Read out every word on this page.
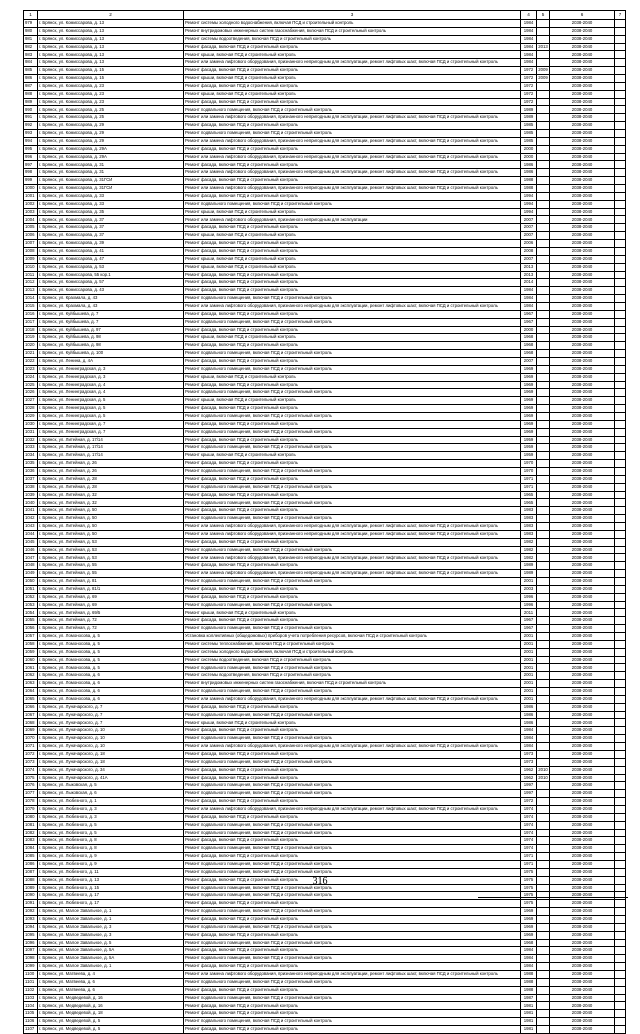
1	2	3	4	5	6	7
979	г. Брянск, ул. Комиссарова, д. 13	Ремонт системы холодного водоснабжения, включая ПСД и строительный контроль	1984		2038-2040	
980	г. Брянск, ул. Комиссарова, д. 13	Ремонт внутридомовых инженерных систем газоснабжения, включая ПСД и строительный контроль	1984		2038-2040	
981	г. Брянск, ул. Комиссарова, д. 13	Ремонт системы водоотведения, включая ПСД и строительный контроль	1984		2038-2040	
982	г. Брянск, ул. Комиссарова, д. 13	Ремонт фасада, включая ПСД и строительный контроль	1984	2013	2038-2040	
983	г. Брянск, ул. Комиссарова, д. 13	Ремонт крыши, включая ПСД и строительный контроль	1984		2038-2040	
984	г. Брянск, ул. Комиссарова, д. 13	Ремонт или замена лифтового оборудования, признанного непригодным для эксплуатации, ремонт лифтовых шахт, включая ПСД и строительный контроль	1984		2038-2040	
985	г. Брянск, ул. Комиссарова, д. 15	Ремонт фасада, включая ПСД и строительный контроль	1972	2009	2038-2040	
986	г. Брянск, ул. Комиссарова, д. 15	Ремонт крыши, включая ПСД и строительный контроль	1972	2009	2038-2040	
987	г. Брянск, ул. Комиссарова, д. 23	Ремонт фасада, включая ПСД и строительный контроль	1972		2038-2040	
988	г. Брянск, ул. Комиссарова, д. 23	Ремонт крыши, включая ПСД и строительный контроль	1972		2038-2040	
989	г. Брянск, ул. Комиссарова, д. 23	Ремонт фасада, включая ПСД и строительный контроль	1972		2038-2040	
990	г. Брянск, ул. Комиссарова, д. 25	Ремонт подвального помещения, включая ПСД и строительный контроль	1989		2038-2040	
991	г. Брянск, ул. Комиссарова, д. 25	Ремонт или замена лифтового оборудования, признанного непригодным для эксплуатации, ремонт лифтовых шахт, включая ПСД и строительный контроль	1989		2038-2040	
992	г. Брянск, ул. Комиссарова, д. 29	Ремонт фасада, включая ПСД и строительный контроль	1985		2038-2040	
993	г. Брянск, ул. Комиссарова, д. 29	Ремонт подвального помещения, включая ПСД и строительный контроль	1985		2038-2040	
994	г. Брянск, ул. Комиссарова, д. 29	Ремонт или замена лифтового оборудования, признанного непригодным для эксплуатации, ремонт лифтовых шахт, включая ПСД и строительный контроль	1985		2038-2040	
995	г. Брянск, ул. Комиссарова, д. 29А	Ремонт фасада, включая ПСД и строительный контроль	2000		2038-2040	
996	г. Брянск, ул. Комиссарова, д. 29А	Ремонт или замена лифтового оборудования, признанного непригодным для эксплуатации, ремонт лифтовых шахт, включая ПСД и строительный контроль	2000		2038-2040	
997	г. Брянск, ул. Комиссарова, д. 31	Ремонт фасада, включая ПСД и строительный контроль	1986		2038-2040	
998	г. Брянск, ул. Комиссарова, д. 31	Ремонт или замена лифтового оборудования, признанного непригодным для эксплуатации, ремонт лифтовых шахт, включая ПСД и строительный контроль	1986		2038-2040	
999	г. Брянск, ул. Комиссарова, д. 31ГСИ	Ремонт фасада, включая ПСД и строительный контроль	1988		2038-2040	
1000	г. Брянск, ул. Комиссарова, д. 31ГСИ	Ремонт или замена лифтового оборудования, признанного непригодным для эксплуатации, ремонт лифтовых шахт, включая ПСД и строительный контроль	1988		2038-2040	
1001	г. Брянск, ул. Комиссарова, д. 33	Ремонт фасада, включая ПСД и строительный контроль	1994		2038-2040	
1002	г. Брянск, ул. Комиссарова, д. 33	Ремонт подвального помещения, включая ПСД и строительный контроль	1994		2038-2040	
1003	г. Брянск, ул. Комиссарова, д. 35	Ремонт крыши, включая ПСД и строительный контроль	1994		2038-2040	
1004	г. Брянск, ул. Комиссарова, д. 37	Ремонт или замена лифтового оборудования, признанного непригодным для эксплуатации	2007		2038-2040	
1005	г. Брянск, ул. Комиссарова, д. 37	Ремонт фасада, включая ПСД и строительный контроль	2007		2038-2040	
1006	г. Брянск, ул. Комиссарова, д. 37	Ремонт крыши, включая ПСД и строительный контроль	2007		2038-2040	
1007	г. Брянск, ул. Комиссарова, д. 39	Ремонт фасада, включая ПСД и строительный контроль	2006		2038-2040	
1008	г. Брянск, ул. Комиссарова, д. 41	Ремонт фасада, включая ПСД и строительный контроль	2008		2038-2040	
1009	г. Брянск, ул. Комиссарова, д. 47	Ремонт крыши, включая ПСД и строительный контроль	2007		2038-2040	
1010	г. Брянск, ул. Комиссарова, д. 53	Ремонт крыши, включая ПСД и строительный контроль	2013		2038-2040	
1011	г. Брянск, ул. Комиссарова, 55 кор.1	Ремонт фасада, включая ПСД и строительный контроль	2013		2038-2040	
1012	г. Брянск, ул. Комиссарова, д. 57	Ремонт фасада, включая ПСД и строительный контроль	2014		2038-2040	
1013	г. Брянск, ул. Комиссарова, д. 43	Ремонт фасада, включая ПСД и строительный контроль	1984		2038-2040	
1014	г. Брянск, ул. Крахмала, д. 43	Ремонт подвального помещения, включая ПСД и строительный контроль	1984		2038-2040	
1015	г. Брянск, ул. Крахмала, д. 43	Ремонт или замена лифтового оборудования, признанного непригодным для эксплуатации, ремонт лифтовых шахт, включая ПСД и строительный контроль	1984		2038-2040	
1016	г. Брянск, ул. Куйбышева, д. 7	Ремонт фасада, включая ПСД и строительный контроль	1967		2038-2040	
1017	г. Брянск, ул. Куйбышева, д. 7	Ремонт подвального помещения, включая ПСД и строительный контроль	1967		2038-2040	
1018	г. Брянск, ул. Куйбышева, д. 97	Ремонт фасада, включая ПСД и строительный контроль	2000		2038-2040	
1019	г. Брянск, ул. Куйбышева, д. 98	Ремонт крыши, включая ПСД и строительный контроль	1968		2038-2040	
1020	г. Брянск, ул. Куйбышева, д. 98	Ремонт фасада, включая ПСД и строительный контроль	1968		2038-2040	
1021	г. Брянск, ул. Куйбышева, д. 100	Ремонт подвального помещения, включая ПСД и строительный контроль	1968		2038-2040	
1022	г. Брянск, ул. Ленина, д. 4А	Ремонт фасада, включая ПСД и строительный контроль	2007		2038-2040	
1023	г. Брянск, ул. Ленинградская, д. 3	Ремонт подвального помещения, включая ПСД и строительный контроль	1969		2038-2040	
1024	г. Брянск, ул. Ленинградская, д. 3	Ремонт крыши, включая ПСД и строительный контроль	1969		2038-2040	
1025	г. Брянск, ул. Ленинградская, д. 4	Ремонт фасада, включая ПСД и строительный контроль	1969		2038-2040	
1026	г. Брянск, ул. Ленинградская, д. 4	Ремонт подвального помещения, включая ПСД и строительный контроль	1969		2038-2040	
1027	г. Брянск, ул. Ленинградская, д. 5	Ремонт крыши, включая ПСД и строительный контроль	1969		2038-2040	
1028	г. Брянск, ул. Ленинградская, д. 5	Ремонт фасада, включая ПСД и строительный контроль	1969		2038-2040	
1029	г. Брянск, ул. Ленинградская, д. 5	Ремонт подвального помещения, включая ПСД и строительный контроль	1969		2038-2040	
1030	г. Брянск, ул. Ленинградская, д. 7	Ремонт фасада, включая ПСД и строительный контроль	1969		2038-2040	
1031	г. Брянск, ул. Ленинградская, д. 7	Ремонт подвального помещения, включая ПСД и строительный контроль	1969		2038-2040	
1032	г. Брянск, ул. Литейная, д. 17/14	Ремонт фасада, включая ПСД и строительный контроль	1959		2038-2040	
1033	г. Брянск, ул. Литейная, д. 17/14	Ремонт подвального помещения, включая ПСД и строительный контроль	1959		2038-2040	
1034	г. Брянск, ул. Литейная, д. 17/14	Ремонт крыши, включая ПСД и строительный контроль	1959		2038-2040	
1035	г. Брянск, ул. Литейная, д. 26	Ремонт фасада, включая ПСД и строительный контроль	1970		2038-2040	
1036	г. Брянск, ул. Литейная, д. 26	Ремонт подвального помещения, включая ПСД и строительный контроль	1970		2038-2040	
1037	г. Брянск, ул. Литейная, д. 28	Ремонт фасада, включая ПСД и строительный контроль	1971		2038-2040	
1038	г. Брянск, ул. Литейная, д. 28	Ремонт подвального помещения, включая ПСД и строительный контроль	1971		2038-2040	
1039	г. Брянск, ул. Литейная, д. 32	Ремонт фасада, включая ПСД и строительный контроль	1965		2038-2040	
1040	г. Брянск, ул. Литейная, д. 32	Ремонт подвального помещения, включая ПСД и строительный контроль	1965		2038-2040	
1041	г. Брянск, ул. Литейная, д. 50	Ремонт фасада, включая ПСД и строительный контроль	1983		2038-2040	
1042	г. Брянск, ул. Литейная, д. 50	Ремонт подвального помещения, включая ПСД и строительный контроль	1983		2038-2040	
1043	г. Брянск, ул. Литейная, д. 50	Ремонт или замена лифтового оборудования, признанного непригодным для эксплуатации, ремонт лифтовых шахт, включая ПСД и строительный контроль	1983		2038-2040	
1044	г. Брянск, ул. Литейная, д. 50	Ремонт или замена лифтового оборудования, признанного непригодным для эксплуатации, ремонт лифтовых шахт, включая ПСД и строительный контроль	1983		2038-2040	
1045	г. Брянск, ул. Литейная, д. 53	Ремонт фасада, включая ПСД и строительный контроль	1982		2038-2040	
1046	г. Брянск, ул. Литейная, д. 53	Ремонт подвального помещения, включая ПСД и строительный контроль	1982		2038-2040	
1047	г. Брянск, ул. Литейная, д. 53	Ремонт или замена лифтового оборудования, признанного непригодным для эксплуатации, ремонт лифтовых шахт, включая ПСД и строительный контроль	1982		2038-2040	
1048	г. Брянск, ул. Литейная, д. 55	Ремонт фасада, включая ПСД и строительный контроль	1989		2038-2040	
1049	г. Брянск, ул. Литейная, д. 55	Ремонт или замена лифтового оборудования, признанного непригодным для эксплуатации, ремонт лифтовых шахт, включая ПСД и строительный контроль	1989		2038-2040	
1050	г. Брянск, ул. Литейная, д. 81	Ремонт подвального помещения, включая ПСД и строительный контроль	2001		2038-2040	
1051	г. Брянск, ул. Литейная, д. 81/1	Ремонт фасада, включая ПСД и строительный контроль	2003		2038-2040	
1052	г. Брянск, ул. Литейная, д. 69	Ремонт фасада, включая ПСД и строительный контроль	1996		2038-2040	
1053	г. Брянск, ул. Литейная, д. 69	Ремонт подвального помещения, включая ПСД и строительный контроль	1996		2038-2040	
1054	г. Брянск, ул. Литейная, д. 69/5	Ремонт крыши, включая ПСД и строительный контроль	2011		2038-2040	
1055	г. Брянск, ул. Литейная, д. 72	Ремонт фасада, включая ПСД и строительный контроль	1967		2038-2040	
1056	г. Брянск, ул. Литейная, д. 72	Ремонт подвального помещения, включая ПСД и строительный контроль	1967		2038-2040	
1057	г. Брянск, ул. Ломоносова, д. 5	Установка коллективных (общедомовых) приборов учета потребления ресурсов, включая ПСД и строительный контроль	2001		2038-2040	
1058	г. Брянск, ул. Ломоносова, д. 5	Ремонт системы теплоснабжения, включая ПСД и строительный контроль	2001		2038-2040	
1059	г. Брянск, ул. Ломоносова, д. 5	Ремонт системы холодного водоснабжения, включая ПСД и строительный контроль	2001		2038-2040	
1060	г. Брянск, ул. Ломоносова, д. 5	Ремонт системы водоотведения, включая ПСД и строительный контроль	2001		2038-2040	
1061	г. Брянск, ул. Ломоносова, д. 5	Ремонт подвального помещения, включая ПСД и строительный контроль	2001		2038-2040	
1062	г. Брянск, ул. Ломоносова, д. 6	Ремонт системы водоотведения, включая ПСД и строительный контроль	2001		2038-2040	
1063	г. Брянск, ул. Ломоносова, д. 6	Ремонт внутридомовых инженерных систем газоснабжения, включая ПСД и строительный контроль	2001		2038-2040	
1064	г. Брянск, ул. Ломоносова, д. 6	Ремонт подвального помещения, включая ПСД и строительный контроль	2001		2038-2040	
1065	г. Брянск, ул. Ломоносова, д. 6	Ремонт или замена лифтового оборудования, признанного непригодным для эксплуатации, ремонт лифтовых шахт, включая ПСД и строительный контроль	2001		2038-2040	
1066	г. Брянск, ул. Луначарского, д. 7	Ремонт фасада, включая ПСД и строительный контроль	1986		2038-2040	
1067	г. Брянск, ул. Луначарского, д. 7	Ремонт подвального помещения, включая ПСД и строительный контроль	1986		2038-2040	
1068	г. Брянск, ул. Луначарского, д. 7	Ремонт крыши, включая ПСД и строительный контроль	1986		2038-2040	
1069	г. Брянск, ул. Луначарского, д. 10	Ремонт фасада, включая ПСД и строительный контроль	1984		2038-2040	
1070	г. Брянск, ул. Луначарского, д. 10	Ремонт подвального помещения, включая ПСД и строительный контроль	1984		2038-2040	
1071	г. Брянск, ул. Луначарского, д. 10	Ремонт или замена лифтового оборудования, признанного непригодным для эксплуатации, ремонт лифтовых шахт, включая ПСД и строительный контроль	1984		2038-2040	
1072	г. Брянск, ул. Луначарского, д. 18	Ремонт фасада, включая ПСД и строительный контроль	1973		2038-2040	
1073	г. Брянск, ул. Луначарского, д. 18	Ремонт подвального помещения, включая ПСД и строительный контроль	1973		2038-2040	
1074	г. Брянск, ул. Луначарского, д. 34	Ремонт фасада, включая ПСД и строительный контроль	1962	2010	2038-2040	
1075	г. Брянск, ул. Луначарского, д. 41А	Ремонт фасада, включая ПСД и строительный контроль	1962	2010	2038-2040	
1076	г. Брянск, ул. Лыковская, д. 5	Ремонт подвального помещения, включая ПСД и строительный контроль	1997		2038-2040	
1077	г. Брянск, ул. Лыковская, д. 6	Ремонт подвального помещения, включая ПСД и строительный контроль	1997		2038-2040	
1078	г. Брянск, ул. Любезного, д. 1	Ремонт фасада, включая ПСД и строительный контроль	1972		2038-2040	
1079	г. Брянск, ул. Любезного, д. 3	Ремонт или замена лифтового оборудования, признанного непригодным для эксплуатации, ремонт лифтовых шахт, включая ПСД и строительный контроль	1974		2038-2040	
1080	г. Брянск, ул. Любезного, д. 3	Ремонт фасада, включая ПСД и строительный контроль	1974		2038-2040	
1081	г. Брянск, ул. Любезного, д. 5	Ремонт подвального помещения, включая ПСД и строительный контроль	1974		2038-2040	
1082	г. Брянск, ул. Любезного, д. 5	Ремонт подвального помещения, включая ПСД и строительный контроль	1974		2038-2040	
1083	г. Брянск, ул. Любезного, д. 8	Ремонт фасада, включая ПСД и строительный контроль	1974		2038-2040	
1084	г. Брянск, ул. Любезного, д. 8	Ремонт подвального помещения, включая ПСД и строительный контроль	1974		2038-2040	
1085	г. Брянск, ул. Любезного, д. 9	Ремонт фасада, включая ПСД и строительный контроль	1971		2038-2040	
1086	г. Брянск, ул. Любезного, д. 9	Ремонт подвального помещения, включая ПСД и строительный контроль	1971		2038-2040	
1087	г. Брянск, ул. Любезного, д. 11	Ремонт подвального помещения, включая ПСД и строительный контроль	1975		2038-2040	
1088	г. Брянск, ул. Любезного, д. 13	Ремонт фасада, включая ПСД и строительный контроль	1975		2038-2040	
1089	г. Брянск, ул. Любезного, д. 15	Ремонт подвального помещения, включая ПСД и строительный контроль	1975		2038-2040	
1090	г. Брянск, ул. Любезного, д. 17	Ремонт подвального помещения, включая ПСД и строительный контроль	1975		2038-2040	
1091	г. Брянск, ул. Любезного, д. 17	Ремонт фасада, включая ПСД и строительный контроль	1975		2038-2040	
1092	г. Брянск, ул. Малое Завальное, д. 1	Ремонт подвального помещения, включая ПСД и строительный контроль	1969		2038-2040	
1093	г. Брянск, ул. Малое Завальное, д. 1	Ремонт фасада, включая ПСД и строительный контроль	1969		2038-2040	
1094	г. Брянск, ул. Малое Завальное, д. 3	Ремонт подвального помещения, включая ПСД и строительный контроль	1969		2038-2040	
1095	г. Брянск, ул. Малое Завальное, д. 3	Ремонт фасада, включая ПСД и строительный контроль	1969		2038-2040	
1096	г. Брянск, ул. Малое Завальное, д. 5	Ремонт подвального помещения, включая ПСД и строительный контроль	1968		2038-2040	
1097	г. Брянск, ул. Малое Завальное, д. 5А	Ремонт фасада, включая ПСД и строительный контроль	1984		2038-2040	
1098	г. Брянск, ул. Малое Завальное, д. 5А	Ремонт подвального помещения, включая ПСД и строительный контроль	1984		2038-2040	
1099	г. Брянск, ул. Малое Завальное, д. 1	Ремонт фасада, включая ПСД и строительный контроль	1984		2038-2040	
1100	г. Брянск, ул. Матвеева, д. 4	Ремонт или замена лифтового оборудования, признанного непригодным для эксплуатации, ремонт лифтовых шахт, включая ПСД и строительный контроль	1988		2038-2040	
1101	г. Брянск, ул. Матвеева, д. 6	Ремонт подвального помещения, включая ПСД и строительный контроль	1988		2038-2040	
1102	г. Брянск, ул. Матвеева, д. 6	Ремонт фасада, включая ПСД и строительный контроль	1988		2038-2040	
1103	г. Брянск, ул. Медведевой, д. 16	Ремонт подвального помещения, включая ПСД и строительный контроль	1987		2038-2040	
1104	г. Брянск, ул. Медведевой, д. 16	Ремонт фасада, включая ПСД и строительный контроль	1981		2038-2040	
1105	г. Брянск, ул. Медведевой, д. 18	Ремонт фасада, включая ПСД и строительный контроль	1981		2038-2040	
1106	г. Брянск, ул. Медведевой, д. 5	Ремонт подвального помещения, включая ПСД и строительный контроль	1981		2038-2040	
1107	г. Брянск, ул. Медведевой, д. 5	Ремонт фасада, включая ПСД и строительный контроль	1981		2038-2040	
316
